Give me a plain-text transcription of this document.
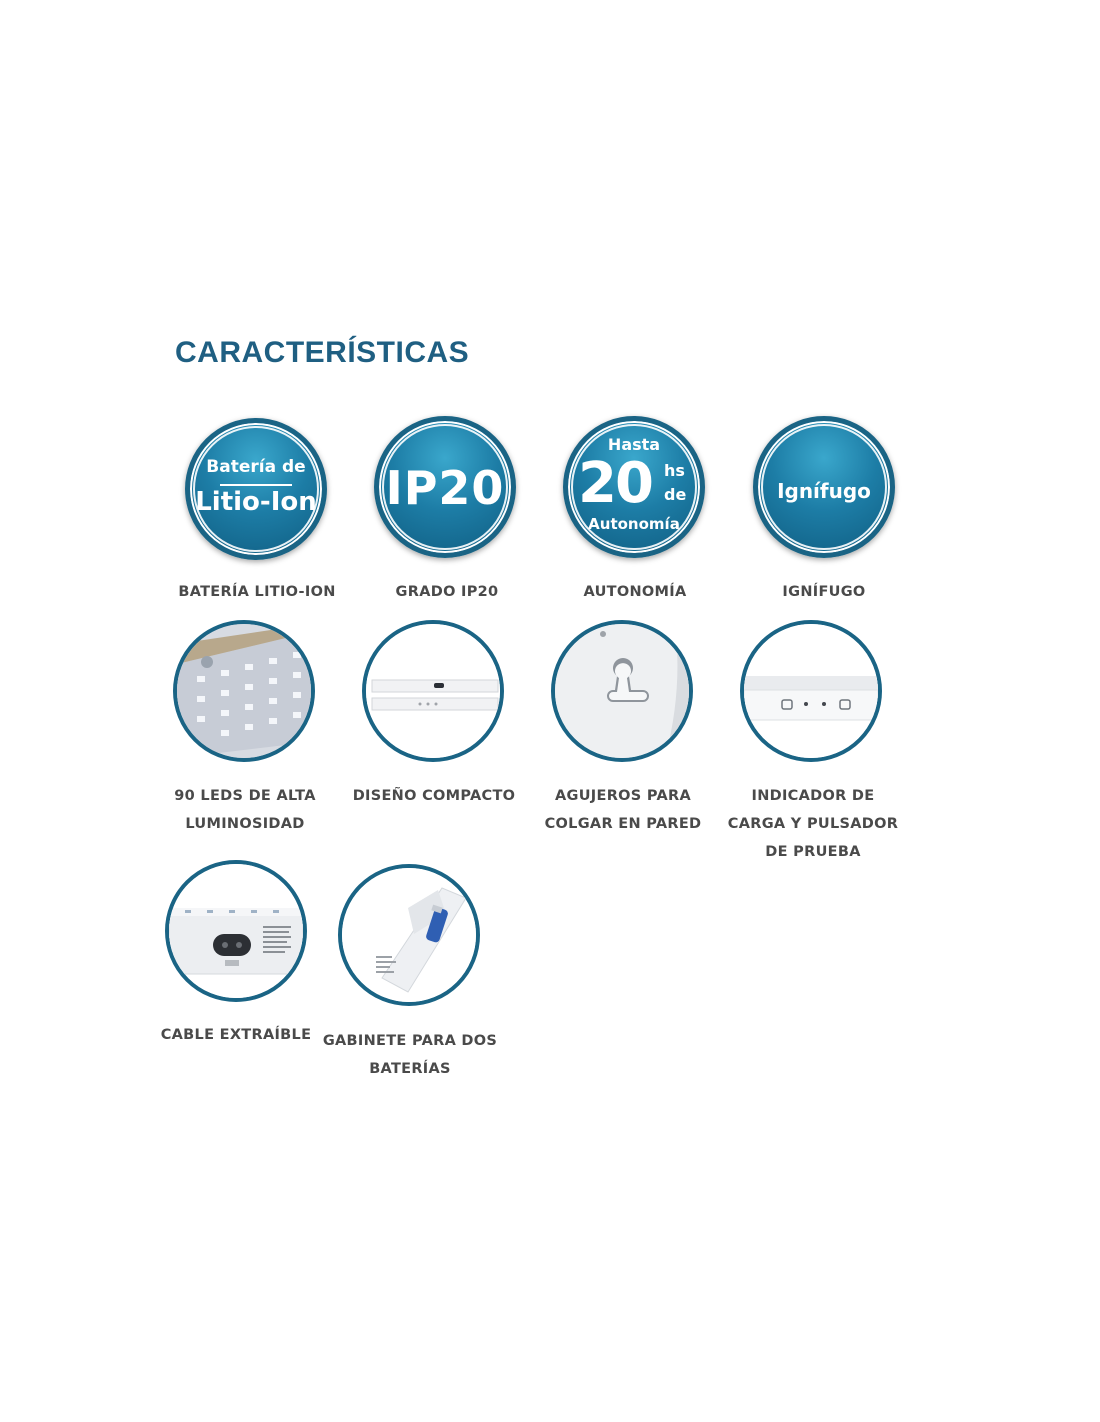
CARACTERÍSTICAS
Batería de
Litio-Ion IP20
Hasta
20 hs
de
Autonomía
Ignífugo
BATERÍA LITIO-ION	GRADO IP20	AUTONOMÍA	IGNÍFUGO
90 LEDS DE ALTA LUMINOSIDAD
DISEÑO COMPACTO	AGUJEROS PARA COLGAR EN PARED
INDICADOR DE CARGA Y PULSADOR DE PRUEBA
CABLE EXTRAÍBLE GABINETE PARA DOS BATERÍAS
